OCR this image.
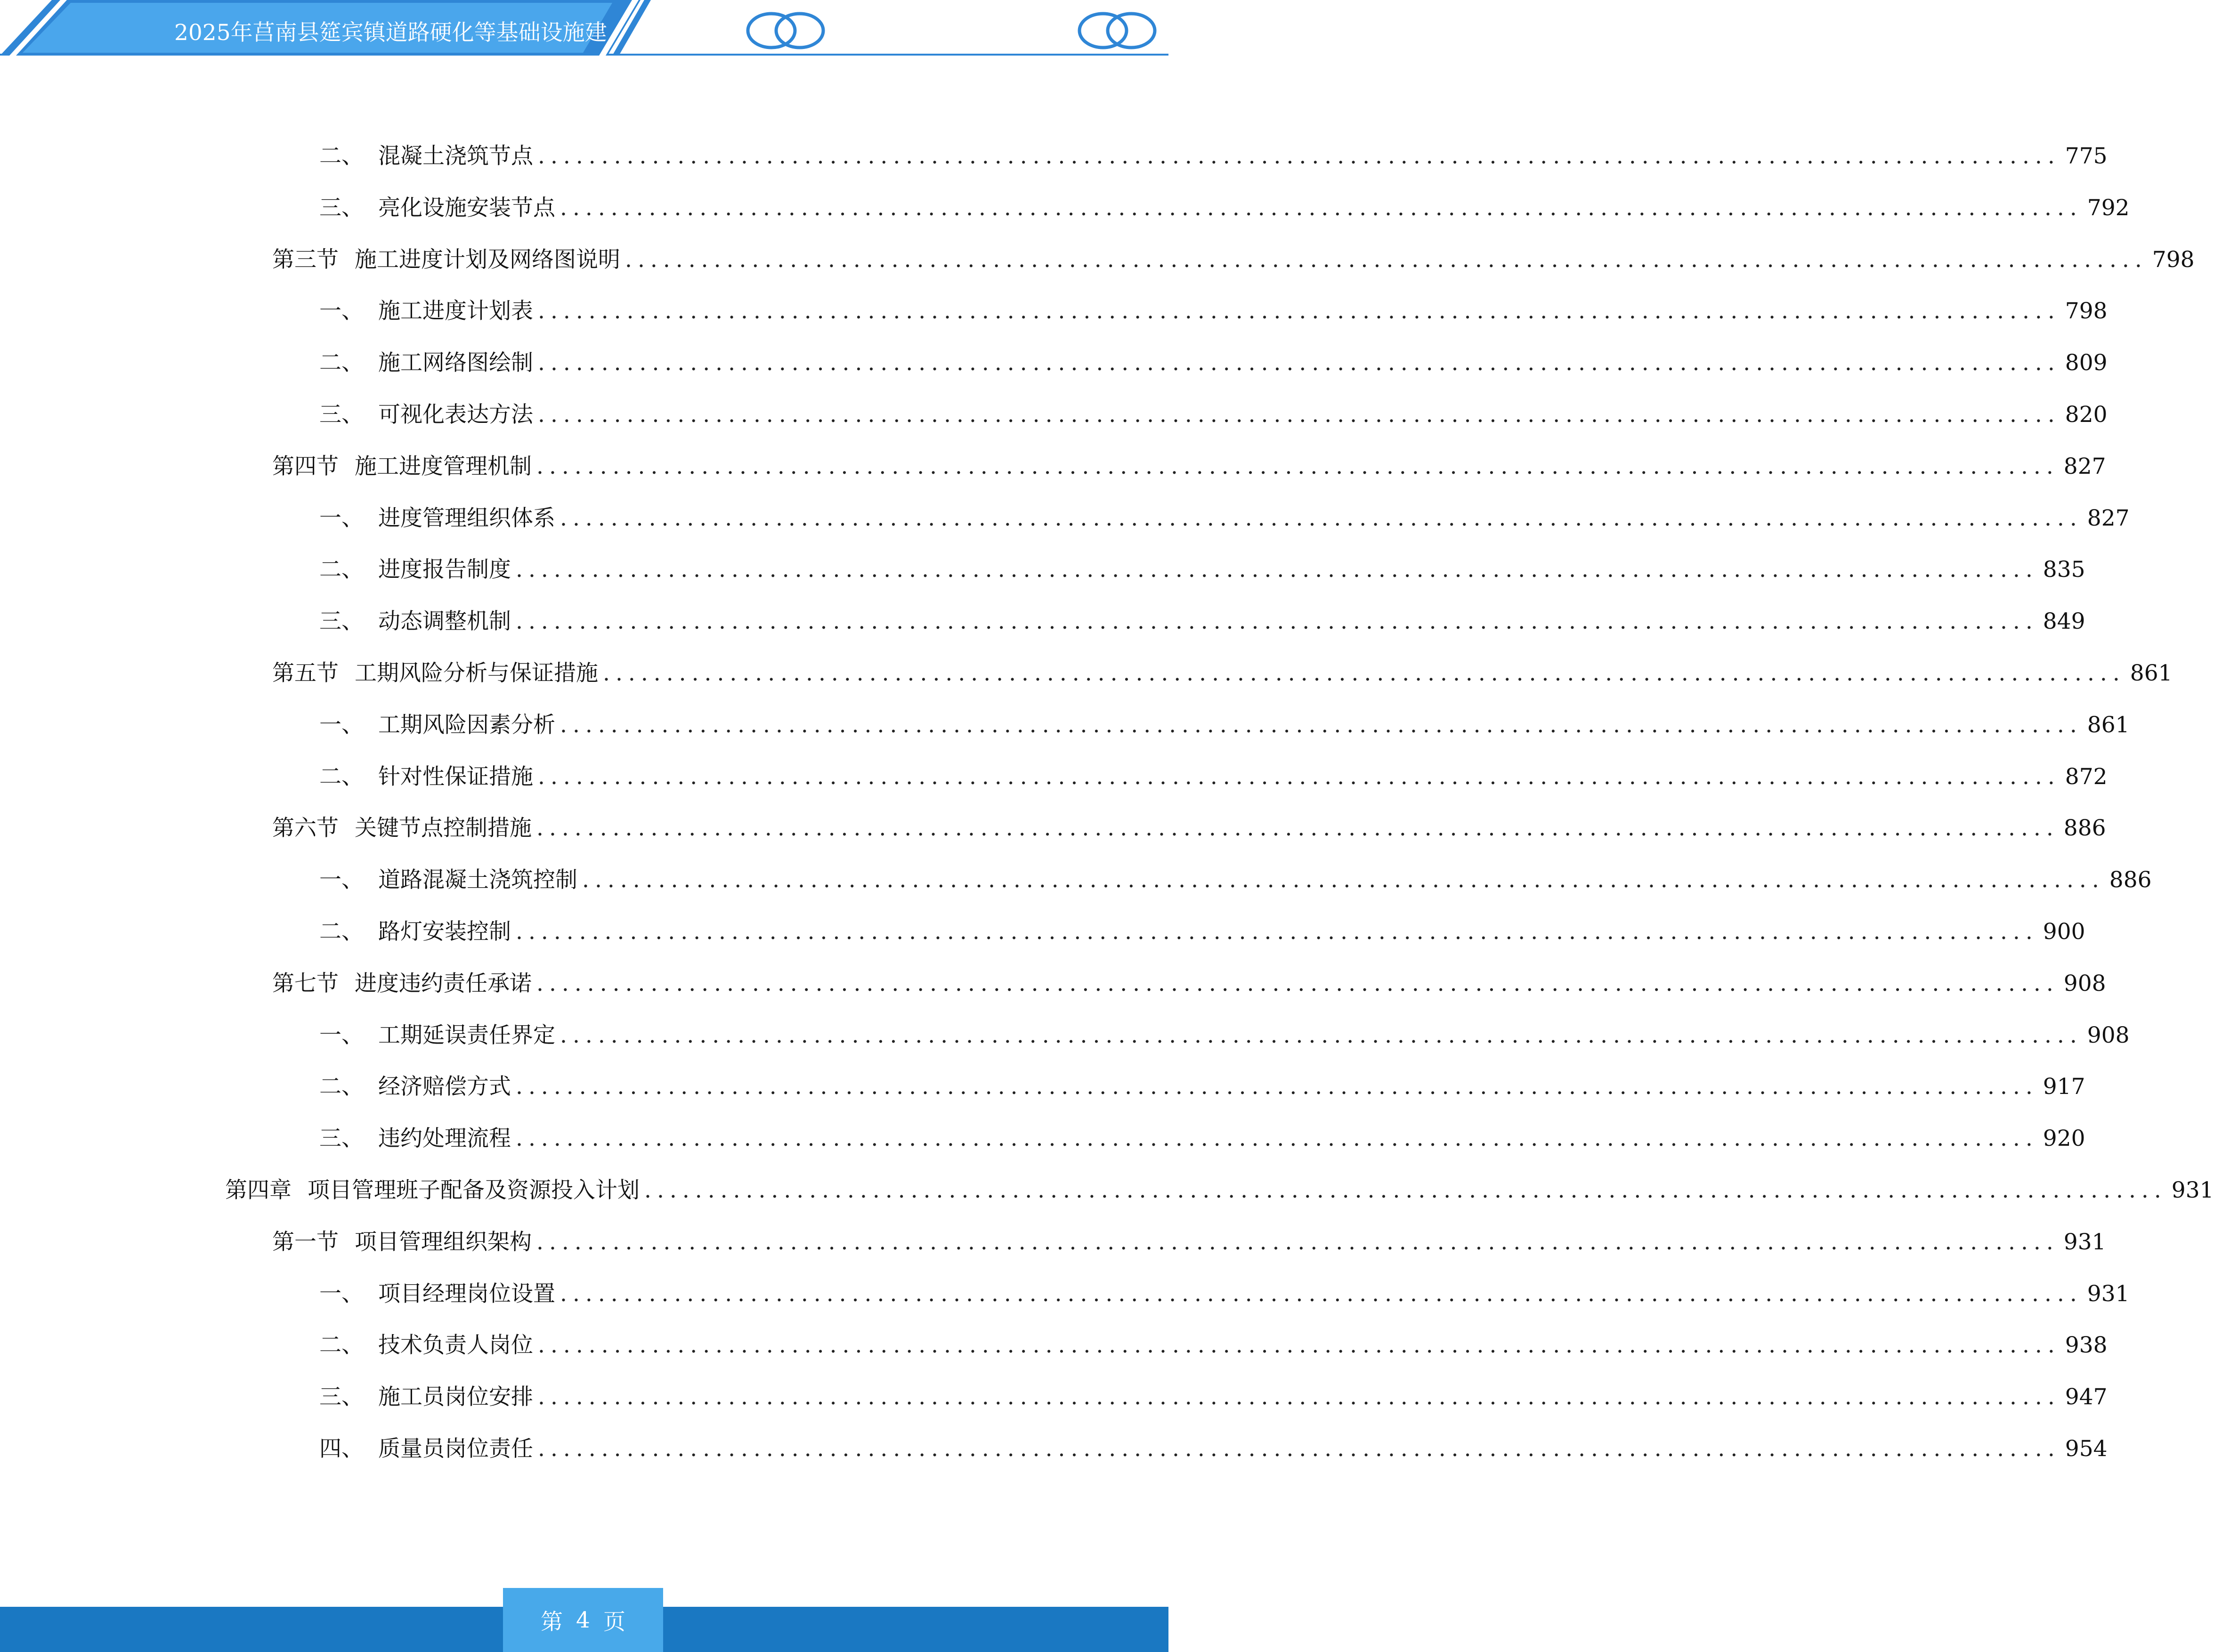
2025年莒南县筵宾镇道路硬化等基础设施建
二、 混凝土浇筑节点 ........................................................................................................................ 775
三、 亮化设施安装节点 ........................................................................................................................ 792
第三节 施工进度计划及网络图说明 ........................................................................................................................ 798
一、 施工进度计划表 ........................................................................................................................ 798
二、 施工网络图绘制 ........................................................................................................................ 809
三、 可视化表达方法 ........................................................................................................................ 820
第四节 施工进度管理机制 ........................................................................................................................ 827
一、 进度管理组织体系 ........................................................................................................................ 827
二、 进度报告制度 ........................................................................................................................ 835
三、 动态调整机制 ........................................................................................................................ 849
第五节 工期风险分析与保证措施 ........................................................................................................................ 861
一、 工期风险因素分析 ........................................................................................................................ 861
二、 针对性保证措施 ........................................................................................................................ 872
第六节 关键节点控制措施 ........................................................................................................................ 886
一、 道路混凝土浇筑控制 ........................................................................................................................ 886
二、 路灯安装控制 ........................................................................................................................ 900
第七节 进度违约责任承诺 ........................................................................................................................ 908
一、 工期延误责任界定 ........................................................................................................................ 908
二、 经济赔偿方式 ........................................................................................................................ 917
三、 违约处理流程 ........................................................................................................................ 920
第四章 项目管理班子配备及资源投入计划 ........................................................................................................................ 931
第一节 项目管理组织架构 ........................................................................................................................ 931
一、 项目经理岗位设置 ........................................................................................................................ 931
二、 技术负责人岗位 ........................................................................................................................ 938
三、 施工员岗位安排 ........................................................................................................................ 947
四、 质量员岗位责任 ........................................................................................................................ 954
第 4 页
